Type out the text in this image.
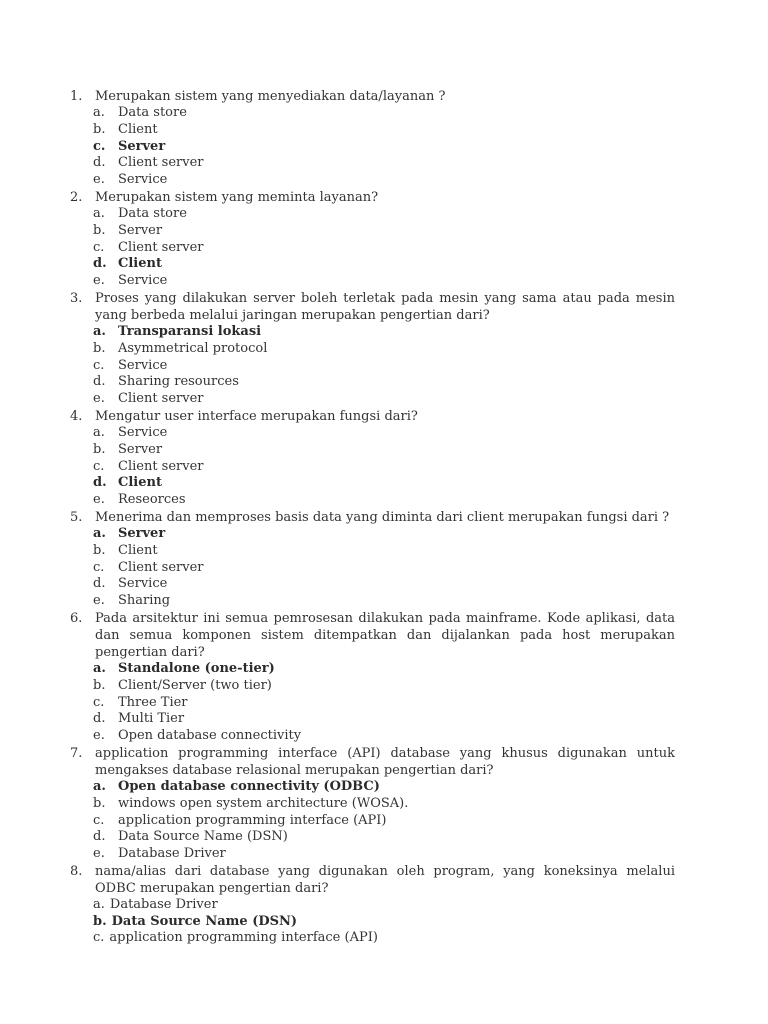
1. Merupakan sistem yang menyediakan data/layanan ?
a.	Data store
b. Client
c. Server
d. Client server
e.	Service
2. Merupakan sistem yang meminta layanan?
a.	Data store
b. Server
c.	Client server
d. Client
e.	Service
3. Proses yang dilakukan server boleh terletak pada mesin yang sama atau pada mesin yang berbeda melalui jaringan merupakan pengertian dari?
a. Transparansi lokasi
b. Asymmetrical protocol
c.	Service
d. Sharing resources
e.	Client server
4. Mengatur user interface merupakan fungsi dari?
a.	Service
b. Server
c.	Client server
d. Client
e.	Reseorces
5. Menerima dan memproses basis data yang diminta dari client merupakan fungsi dari ?
a. Server
b. Client
c.	Client server
d. Service
e.	Sharing
6. Pada arsitektur ini semua pemrosesan dilakukan pada mainframe. Kode aplikasi, data dan semua komponen sistem ditempatkan dan dijalankan pada host merupakan pengertian dari?
a. Standalone (one-tier)
b. Client/Server (two tier)
c.	Three Tier
d. Multi Tier
e.	Open database connectivity
7. application programming interface (API) database yang khusus digunakan untuk mengakses database relasional merupakan pengertian dari?
a. Open database connectivity (ODBC)
b. windows open system architecture (WOSA).
c.	application programming interface (API)
d. Data Source Name (DSN)
e.	Database Driver
8. nama/alias dari database yang digunakan oleh program, yang koneksinya melalui ODBC merupakan pengertian dari?
a. Database Driver
b. Data Source Name (DSN)
c. application programming interface (API)
